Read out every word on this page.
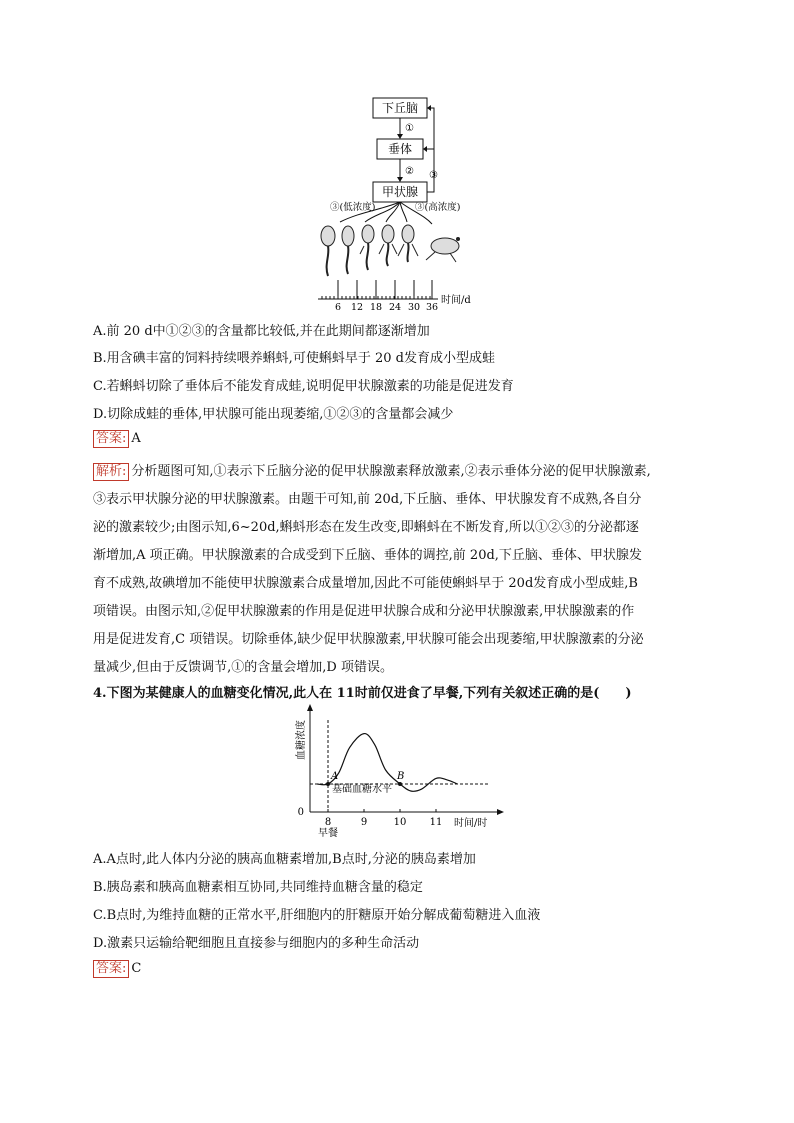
下丘脑
垂体
甲状腺
①
② ③
③(低浓度)	③(高浓度)
6 12 18 24 30 36
时间/d
A.前 20 d中①②③的含量都比较低,并在此期间都逐渐增加
B.用含碘丰富的饲料持续喂养蝌蚪,可使蝌蚪早于 20 d发育成小型成蛙
C.若蝌蚪切除了垂体后不能发育成蛙,说明促甲状腺激素的功能是促进发育
D.切除成蛙的垂体,甲状腺可能出现萎缩,①②③的含量都会减少
答案: A
解析: 分析题图可知,①表示下丘脑分泌的促甲状腺激素释放激素,②表示垂体分泌的促甲状腺激素,
③表示甲状腺分泌的甲状腺激素。由题干可知,前 20d,下丘脑、垂体、甲状腺发育不成熟,各自分
泌的激素较少;由图示知,6~20d,蝌蚪形态在发生改变,即蝌蚪在不断发育,所以①②③的分泌都逐
渐增加,A 项正确。甲状腺激素的合成受到下丘脑、垂体的调控,前 20d,下丘脑、垂体、甲状腺发
育不成熟,故碘增加不能使甲状腺激素合成量增加,因此不可能使蝌蚪早于 20d发育成小型成蛙,B
项错误。由图示知,②促甲状腺激素的作用是促进甲状腺合成和分泌甲状腺激素,甲状腺激素的作
用是促进发育,C 项错误。切除垂体,缺少促甲状腺激素,甲状腺可能会出现萎缩,甲状腺激素的分泌
量减少,但由于反馈调节,①的含量会增加,D 项错误。
4.下图为某健康人的血糖变化情况,此人在 11时前仅进食了早餐,下列有关叙述正确的是(　　)
血糖浓度
0
8	9	10 11 时间/时
早餐
基础血糖水平
A	B
A.A点时,此人体内分泌的胰高血糖素增加,B点时,分泌的胰岛素增加
B.胰岛素和胰高血糖素相互协同,共同维持血糖含量的稳定
C.B点时,为维持血糖的正常水平,肝细胞内的肝糖原开始分解成葡萄糖进入血液
D.激素只运输给靶细胞且直接参与细胞内的多种生命活动
答案: C
